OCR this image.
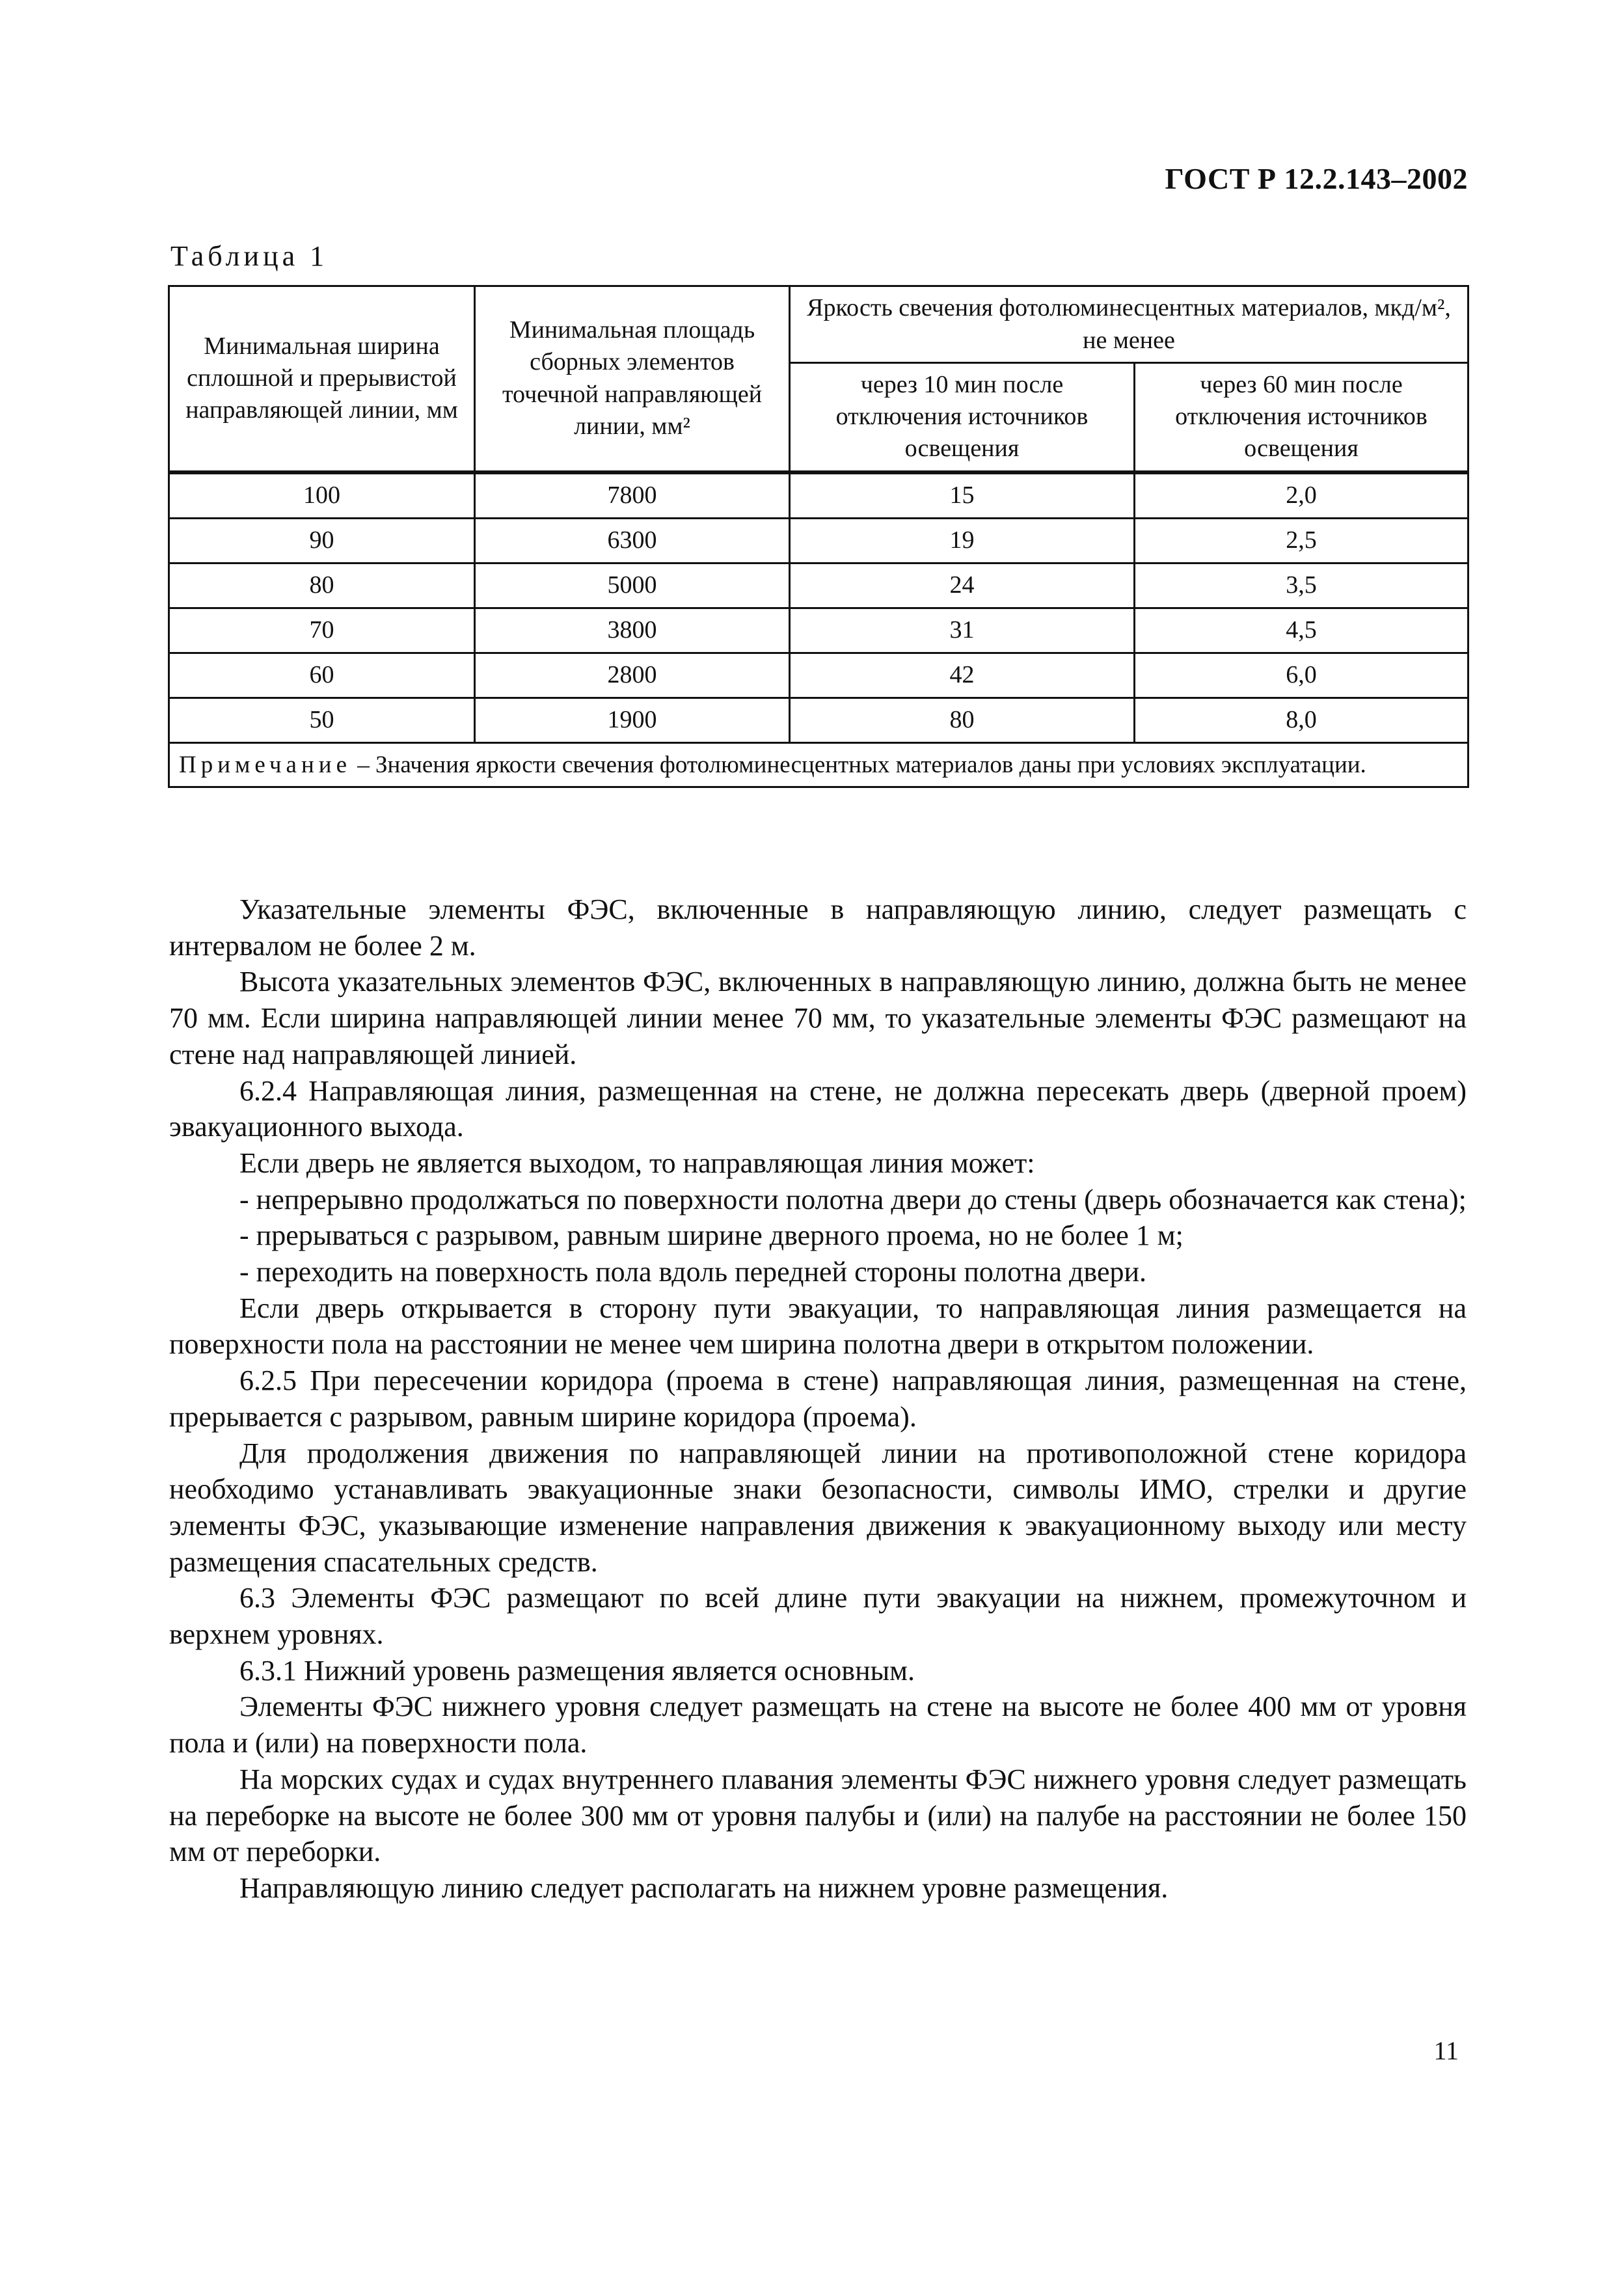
ГОСТ Р 12.2.143–2002
Таблица 1
Минимальная ширина сплошной и прерывистой направляющей линии, мм	Минимальная площадь сборных элементов точечной направляющей линии, мм²	Яркость свечения фотолюминесцентных материалов, мкд/м², не менее	
		через 10 мин после отключения источников освещения	через 60 мин после отключения источников освещения
100	7800	15	2,0
90	6300	19	2,5
80	5000	24	3,5
70	3800	31	4,5
60	2800	42	6,0
50	1900	80	8,0
Примечание – Значения яркости свечения фотолюминесцентных материалов даны при условиях эксплуатации.			

Указательные элементы ФЭС, включенные в направляющую линию, следует размещать с интервалом не более 2 м.

Высота указательных элементов ФЭС, включенных в направляющую линию, должна быть не менее 70 мм. Если ширина направляющей линии менее 70 мм, то указательные элементы ФЭС размещают на стене над направляющей линией.

6.2.4 Направляющая линия, размещенная на стене, не должна пересекать дверь (дверной проем) эвакуационного выхода.

Если дверь не является выходом, то направляющая линия может:

- непрерывно продолжаться по поверхности полотна двери до стены (дверь обозначается как стена);

- прерываться с разрывом, равным ширине дверного проема, но не более 1 м;

- переходить на поверхность пола вдоль передней стороны полотна двери.

Если дверь открывается в сторону пути эвакуации, то направляющая линия размещается на поверхности пола на расстоянии не менее чем ширина полотна двери в открытом положении.

6.2.5 При пересечении коридора (проема в стене) направляющая линия, размещенная на стене, прерывается с разрывом, равным ширине коридора (проема).

Для продолжения движения по направляющей линии на противоположной стене коридора необходимо устанавливать эвакуационные знаки безопасности, символы ИМО, стрелки и другие элементы ФЭС, указывающие изменение направления движения к эвакуационному выходу или месту размещения спасательных средств.

6.3 Элементы ФЭС размещают по всей длине пути эвакуации на нижнем, промежуточном и верхнем уровнях.

6.3.1 Нижний уровень размещения является основным.

Элементы ФЭС нижнего уровня следует размещать на стене на высоте не более 400 мм от уровня пола и (или) на поверхности пола.

На морских судах и судах внутреннего плавания элементы ФЭС нижнего уровня следует размещать на переборке на высоте не более 300 мм от уровня палубы и (или) на палубе на расстоянии не более 150 мм от переборки.

Направляющую линию следует располагать на нижнем уровне размещения.

11
